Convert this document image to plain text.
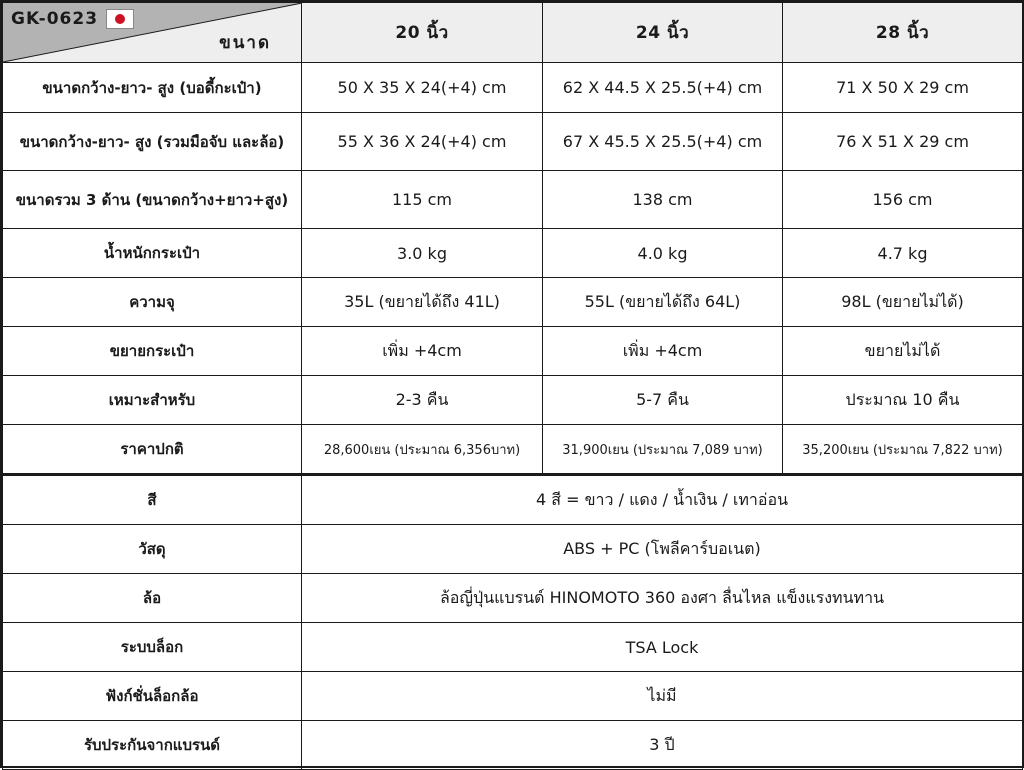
GK-0623
ขนาด	20 นิ้ว	24 นิ้ว	28 นิ้ว
ขนาดกว้าง-ยาว- สูง (บอดี้กะเป๋า)	50 X 35 X 24(+4) cm	62 X 44.5 X 25.5(+4) cm	71 X 50 X 29 cm
ขนาดกว้าง-ยาว- สูง (รวมมือจับ และล้อ)	55 X 36 X 24(+4) cm	67 X 45.5 X 25.5(+4) cm	76 X 51 X 29 cm
ขนาดรวม 3 ด้าน (ขนาดกว้าง+ยาว+สูง)	115 cm	138 cm	156 cm
น้ำหนักกระเป๋า	3.0 kg	4.0 kg	4.7 kg
ความจุ	35L (ขยายได้ถึง 41L)	55L (ขยายได้ถึง 64L)	98L (ขยายไม่ได้)
ขยายกระเป๋า	เพิ่ม +4cm	เพิ่ม +4cm	ขยายไม่ได้
เหมาะสำหรับ	2-3 คืน	5-7 คืน	ประมาณ 10 คืน
ราคาปกติ	28,600เยน (ประมาณ 6,356บาท)	31,900เยน (ประมาณ 7,089 บาท)	35,200เยน (ประมาณ 7,822 บาท)
สี	4 สี = ขาว / แดง / น้ำเงิน / เทาอ่อน		
วัสดุ	ABS + PC (โพลีคาร์บอเนต)		
ล้อ	ล้อญี่ปุ่นแบรนด์ HINOMOTO 360 องศา ลื่นไหล แข็งแรงทนทาน		
ระบบล็อก	TSA Lock		
ฟังก์ชั่นล็อกล้อ	ไม่มี		
รับประกันจากแบรนด์	3 ปี		
